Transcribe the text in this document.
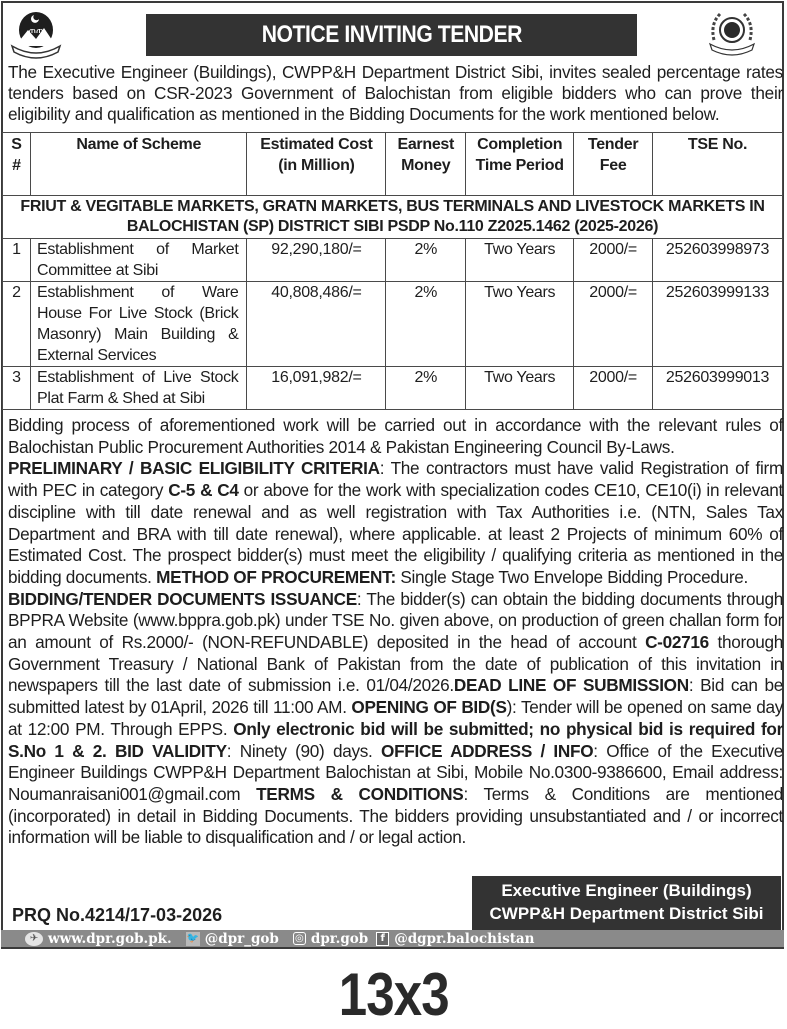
ጠጠ	NOTICE INVITING TENDER

The Executive Engineer (Buildings), CWPP&H Department District Sibi, invites sealed percentage rates tenders based on CSR-2023 Government of Balochistan from eligible bidders who can prove their eligibility and qualification as mentioned in the Bidding Documents for the work mentioned below.

S #	Name of Scheme	Estimated Cost (in Million)	Earnest Money	Completion Time Period	Tender Fee	TSE No.
FRIUT & VEGITABLE MARKETS, GRATN MARKETS, BUS TERMINALS AND LIVESTOCK MARKETS IN BALOCHISTAN (SP) DISTRICT SIBI PSDP No.110 Z2025.1462 (2025-2026)						
1	Establishment of Market Committee at Sibi	92,290,180/=	2%	Two Years	2000/=	252603998973
2	Establishment of Ware House For Live Stock (Brick Masonry) Main Building & External Services	40,808,486/=	2%	Two Years	2000/=	252603999133
3	Establishment of Live Stock Plat Farm & Shed at Sibi	16,091,982/=	2%	Two Years	2000/=	252603999013

Bidding process of aforementioned work will be carried out in accordance with the relevant rules of Balochistan Public Procurement Authorities 2014 & Pakistan Engineering Council By-Laws.

PRELIMINARY / BASIC ELIGIBILITY CRITERIA: The contractors must have valid Registration of firm with PEC in category C-5 & C4 or above for the work with specialization codes CE10, CE10(i) in relevant discipline with till date renewal and as well registration with Tax Authorities i.e. (NTN, Sales Tax Department and BRA with till date renewal), where applicable. at least 2 Projects of minimum 60% of Estimated Cost. The prospect bidder(s) must meet the eligibility / qualifying criteria as mentioned in the bidding documents. METHOD OF PROCUREMENT: Single Stage Two Envelope Bidding Procedure.

BIDDING/TENDER DOCUMENTS ISSUANCE: The bidder(s) can obtain the bidding documents through BPPRA Website (www.bppra.gob.pk) under TSE No. given above, on production of green challan form for an amount of Rs.2000/- (NON-REFUNDABLE) deposited in the head of account C-02716 thorough Government Treasury / National Bank of Pakistan from the date of publication of this invitation in newspapers till the last date of submission i.e. 01/04/2026.DEAD LINE OF SUBMISSION: Bid can be submitted latest by 01April, 2026 till 11:00 AM. OPENING OF BID(S): Tender will be opened on same day at 12:00 PM. Through EPPS. Only electronic bid will be submitted; no physical bid is required for S.No 1 & 2. BID VALIDITY: Ninety (90) days. OFFICE ADDRESS / INFO: Office of the Executive Engineer Buildings CWPP&H Department Balochistan at Sibi, Mobile No.0300-9386600, Email address: Noumanraisani001@gmail.com TERMS & CONDITIONS: Terms & Conditions are mentioned (incorporated) in detail in Bidding Documents. The bidders providing unsubstantiated and / or incorrect information will be liable to disqualification and / or legal action.

Executive Engineer (Buildings)
CWPP&H Department District Sibi
PRQ No.4214/17-03-2026
✈ www.dpr.gob.pk. 🐦 @dpr_gob ◎ dpr.gob	f @dgpr.balochistan
13x3
